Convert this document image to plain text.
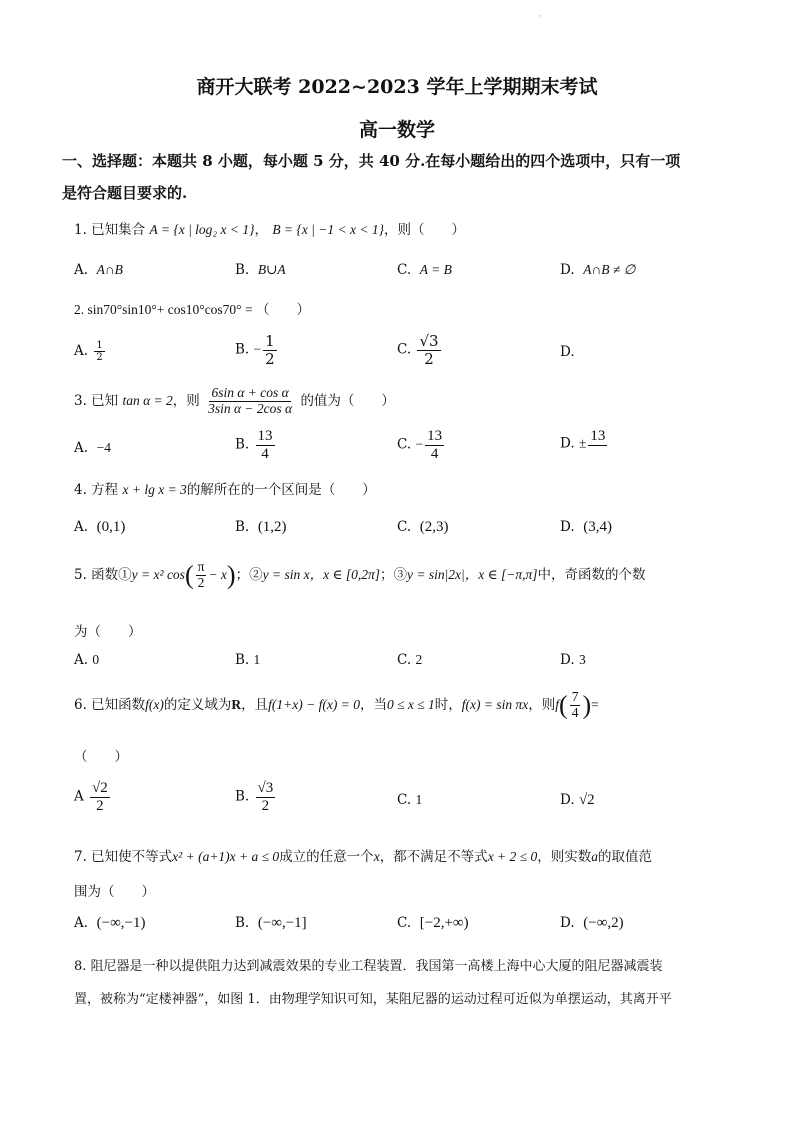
·
商开大联考 2022~2023 学年上学期期末考试
高一数学
一、选择题：本题共 8 小题，每小题 5 分，共 40 分.在每小题给出的四个选项中，只有一项
是符合题目要求的.
1. 已知集合 A = {x | log₂ x < 1}， B = {x | −1 < x < 1}，则（　　）
A. A∩B	B. B∪A	C. A = B	D. A∩B ≠ ∅
2. sin70°sin10°+ cos10°cos70° = （　　）
A. $\frac{1}{2}$	B. − $\frac{1}{2}$	C. $\frac{√3}{2}$	D.
3. 已知 tan α = 2，则 $\frac{\text{6sin α + cos α}}{\text{3sin α − 2cos α}}$ 的值为（　　）
A. −4	B. $\frac{13}{4}$	C. − $\frac{13}{4}$	D. ± 13
4. 方程 x + lg x = 3的解所在的一个区间是（　　）
A. (0,1)	B. (1,2)	C. (2,3)	D. (3,4)
5. 函数①y = x² $\cos( \frac{\pi}{2} - x)$；②y = sin x，x ∈ [0,2π]；③y = sin|2x|，x ∈ [−π,π]中，奇函数的个数
为（　　）
A. 0	B. 1	C. 2	D. 3
6. 已知函数f(x)的定义域为R，且f(1+x) − f(x) = 0，当0 ≤ x ≤ 1时，f(x) = sin πx，则$f( \frac{7}{4}$ )=
（　　）
A $\frac{√2}{2}$	B. $\frac{√3}{2}$	C. 1	D. √2
7. 已知使不等式x² + (a+1)x + a ≤ 0成立的任意一个x，都不满足不等式x + 2 ≤ 0，则实数a的取值范
围为（　　）
A. (−∞,−1)	B. (−∞,−1]	C. [−2,+∞)	D. (−∞,2)
8. 阻尼器是一种以提供阻力达到减震效果的专业工程装置．我国第一高楼上海中心大厦的阻尼器减震装
置，被称为“定楼神器”，如图 1．由物理学知识可知，某阻尼器的运动过程可近似为单摆运动，其离开平
